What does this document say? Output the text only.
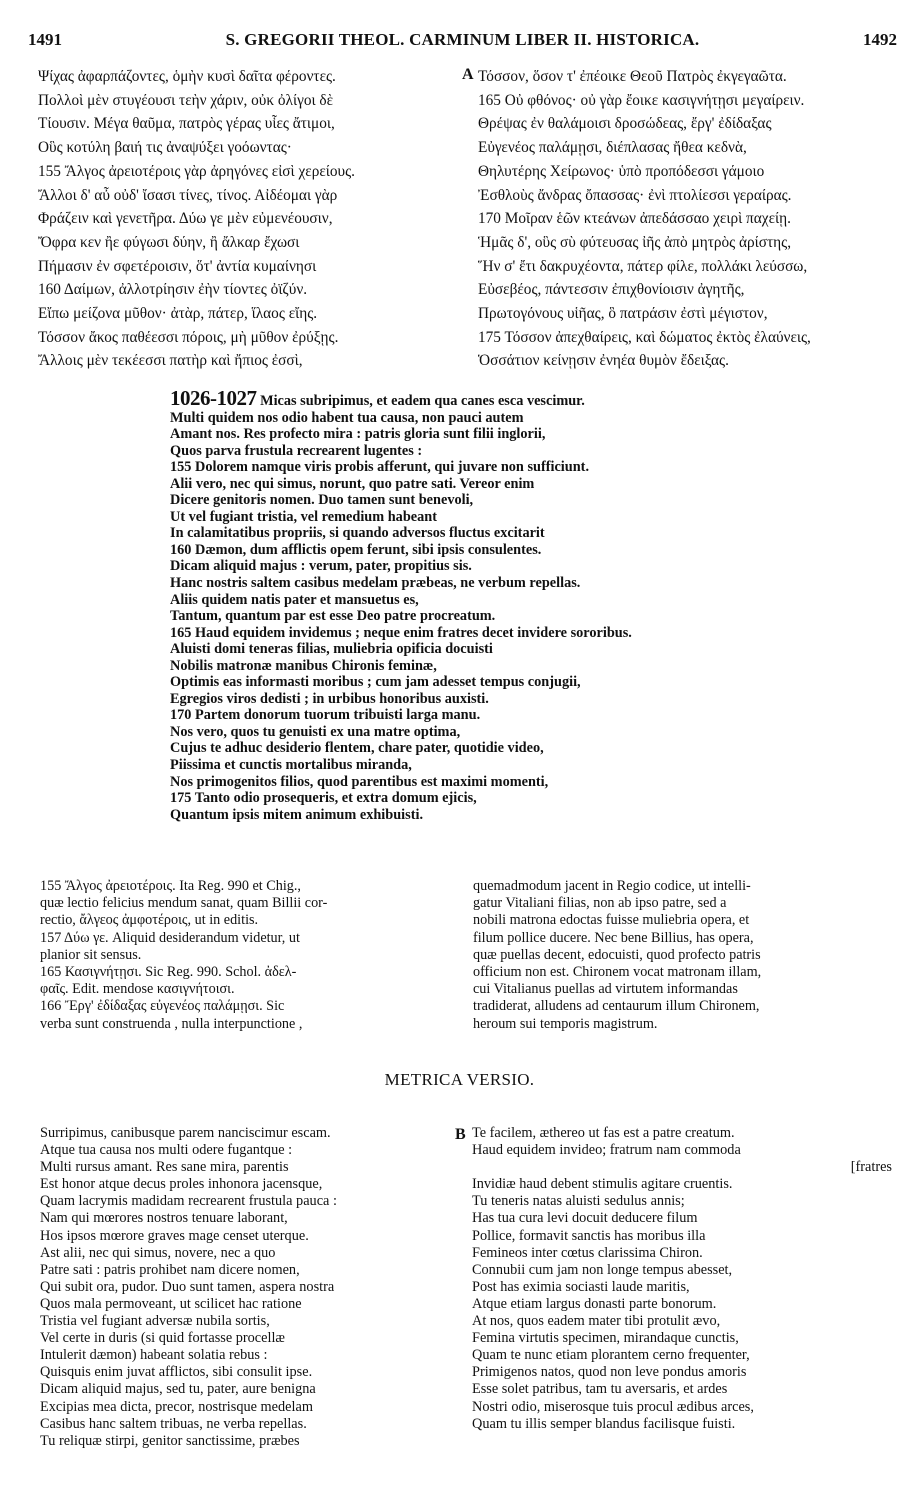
1491	S. GREGORII THEOL. CARMINUM LIBER II. HISTORICA.	1492
A
B
Ψίχας ἀφαρπάζοντες, ὁμὴν κυσὶ δαῖτα φέροντες.
Πολλοὶ μὲν στυγέουσι τεὴν χάριν, οὐκ ὀλίγοι δὲ
Τίουσιν. Μέγα θαῦμα, πατρὸς γέρας υἷες ἄτιμοι,
Οὓς κοτύλη βαιή τις ἀναψύξει γοόωντας·
155 Ἄλγος ἀρειοτέροις γὰρ ἀρηγόνες εἰσὶ χερείους.
Ἄλλοι δ' αὖ οὐδ' ἴσασι τίνες, τίνος. Αἰδέομαι γὰρ
Φράζειν καὶ γενετῆρα. Δύω γε μὲν εὐμενέουσιν,
Ὄφρα κεν ἢε φύγωσι δύην, ἢ ἄλκαρ ἔχωσι
Πήμασιν ἐν σφετέροισιν, ὅτ' ἀντία κυμαίνησι
160 Δαίμων, ἀλλοτρίησιν ἐὴν τίοντες ὀϊζύν.
Εἴπω μείζονα μῦθον· ἀτὰρ, πάτερ, ἵλαος εἴης.
Τόσσον ἄκος παθέεσσι πόροις, μὴ μῦθον ἐρύξῃς.
Ἄλλοις μὲν τεκέεσσι πατὴρ καὶ ἤπιος ἐσσὶ,
Τόσσον, ὅσον τ' ἐπέοικε Θεοῦ Πατρὸς ἐκγεγαῶτα.
165 Οὐ φθόνος· οὐ γὰρ ἔοικε κασιγνήτῃσι μεγαίρειν.
Θρέψας ἐν θαλάμοισι δροσώδεας, ἔργ' ἐδίδαξας
Εὐγενέος παλάμῃσι, διέπλασας ἤθεα κεδνὰ,
Θηλυτέρης Χείρωνος· ὑπὸ προπόδεσσι γάμοιο
Ἐσθλοὺς ἄνδρας ὄπασσας· ἐνὶ πτολίεσσι γεραίρας.
170 Μοῖραν ἑῶν κτεάνων ἀπεδάσσαο χειρὶ παχείῃ.
Ἡμᾶς δ', οὓς σὺ φύτευσας ἰῆς ἀπὸ μητρὸς ἀρίστης,
Ἥν σ' ἔτι δακρυχέοντα, πάτερ φίλε, πολλάκι λεύσσω,
Εὐσεβέος, πάντεσσιν ἐπιχθονίοισιν ἀγητῆς,
Πρωτογόνους υἱῆας, ὃ πατράσιν ἐστὶ μέγιστον,
175 Τόσσον ἀπεχθαίρεις, καὶ δώματος ἐκτὸς ἐλαύνεις,
Ὁσσάτιον κείνῃσιν ἐνηέα θυμὸν ἔδειξας.
1026-1027 Micas subripimus, et eadem qua canes esca vescimur.
Multi quidem nos odio habent tua causa, non pauci autem
Amant nos. Res profecto mira : patris gloria sunt filii inglorii,
Quos parva frustula recrearent lugentes :
155 Dolorem namque viris probis afferunt, qui juvare non sufficiunt.
Alii vero, nec qui simus, norunt, quo patre sati. Vereor enim
Dicere genitoris nomen. Duo tamen sunt benevoli,
Ut vel fugiant tristia, vel remedium habeant
In calamitatibus propriis, si quando adversos fluctus excitarit
160 Dæmon, dum afflictis opem ferunt, sibi ipsis consulentes.
Dicam aliquid majus : verum, pater, propitius sis.
Hanc nostris saltem casibus medelam præbeas, ne verbum repellas.
Aliis quidem natis pater et mansuetus es,
Tantum, quantum par est esse Deo patre procreatum.
165 Haud equidem invidemus ; neque enim fratres decet invidere sororibus.
Aluisti domi teneras filias, muliebria opificia docuisti
Nobilis matronæ manibus Chironis feminæ,
Optimis eas informasti moribus ; cum jam adesset tempus conjugii,
Egregios viros dedisti ; in urbibus honoribus auxisti.
170 Partem donorum tuorum tribuisti larga manu.
Nos vero, quos tu genuisti ex una matre optima,
Cujus te adhuc desiderio flentem, chare pater, quotidie video,
Piissima et cunctis mortalibus miranda,
Nos primogenitos filios, quod parentibus est maximi momenti,
175 Tanto odio prosequeris, et extra domum ejicis,
Quantum ipsis mitem animum exhibuisti.
155 Ἄλγος ἀρειοτέροις. Ita Reg. 990 et Chig.,
quæ lectio felicius mendum sanat, quam Billii cor-
rectio, ἄλγεος ἀμφοτέροις, ut in editis.
157 Δύω γε. Aliquid desiderandum videtur, ut
planior sit sensus.
165 Κασιγνήτῃσι. Sic Reg. 990. Schol. ἀδελ-
φαῖς. Edit. mendose κασιγνήτοισι.
166 Ἔργ' ἐδίδαξας εὐγενέος παλάμῃσι. Sic
verba sunt construenda , nulla interpunctione ,
quemadmodum jacent in Regio codice, ut intelli-
gatur Vitaliani filias, non ab ipso patre, sed a
nobili matrona edoctas fuisse muliebria opera, et
filum pollice ducere. Nec bene Billius, has opera,
quæ puellas decent, edocuisti, quod profecto patris
officium non est. Chironem vocat matronam illam,
cui Vitalianus puellas ad virtutem informandas
tradiderat, alludens ad centaurum illum Chironem,
heroum sui temporis magistrum.
METRICA VERSIO.
Surripimus, canibusque parem nanciscimur escam.
Atque tua causa nos multi odere fugantque :
Multi rursus amant. Res sane mira, parentis
Est honor atque decus proles inhonora jacensque,
Quam lacrymis madidam recrearent frustula pauca :
Nam qui mœrores nostros tenuare laborant,
Hos ipsos mœrore graves mage censet uterque.
Ast alii, nec qui simus, novere, nec a quo
Patre sati : patris prohibet nam dicere nomen,
Qui subit ora, pudor. Duo sunt tamen, aspera nostra
Quos mala permoveant, ut scilicet hac ratione
Tristia vel fugiant adversæ nubila sortis,
Vel certe in duris (si quid fortasse procellæ
Intulerit dæmon) habeant solatia rebus :
Quisquis enim juvat afflictos, sibi consulit ipse.
Dicam aliquid majus, sed tu, pater, aure benigna
Excipias mea dicta, precor, nostrisque medelam
Casibus hanc saltem tribuas, ne verba repellas.
Tu reliquæ stirpi, genitor sanctissime, præbes
Te facilem, æthereo ut fas est a patre creatum.
Haud equidem invideo; fratrum nam commoda
[fratres
Invidiæ haud debent stimulis agitare cruentis.
Tu teneris natas aluisti sedulus annis;
Has tua cura levi docuit deducere filum
Pollice, formavit sanctis has moribus illa
Femineos inter cœtus clarissima Chiron.
Connubii cum jam non longe tempus abesset,
Post has eximia sociasti laude maritis,
Atque etiam largus donasti parte bonorum.
At nos, quos eadem mater tibi protulit ævo,
Femina virtutis specimen, mirandaque cunctis,
Quam te nunc etiam plorantem cerno frequenter,
Primigenos natos, quod non leve pondus amoris
Esse solet patribus, tam tu aversaris, et ardes
Nostri odio, miserosque tuis procul ædibus arces,
Quam tu illis semper blandus facilisque fuisti.
